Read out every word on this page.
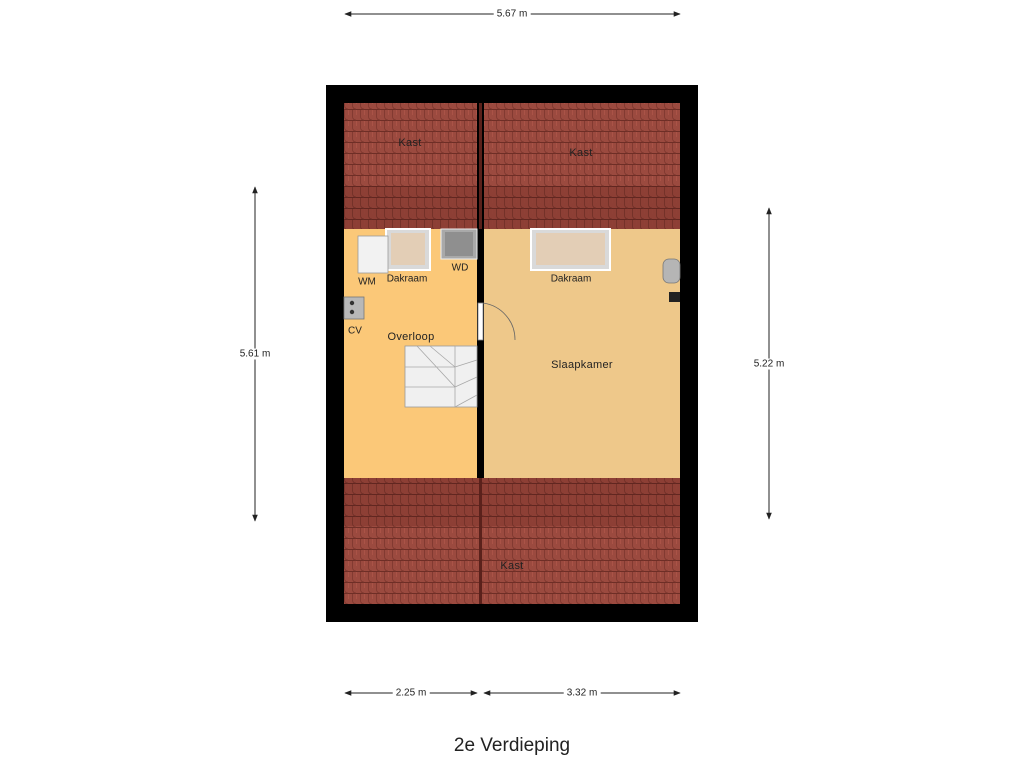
Kast
Kast
Kast
Overloop
Slaapkamer
Dakraam	Dakraam
WM
WD
CV
5.67 m
5.61 m
5.22 m
2.25 m	3.32 m
2e Verdieping
